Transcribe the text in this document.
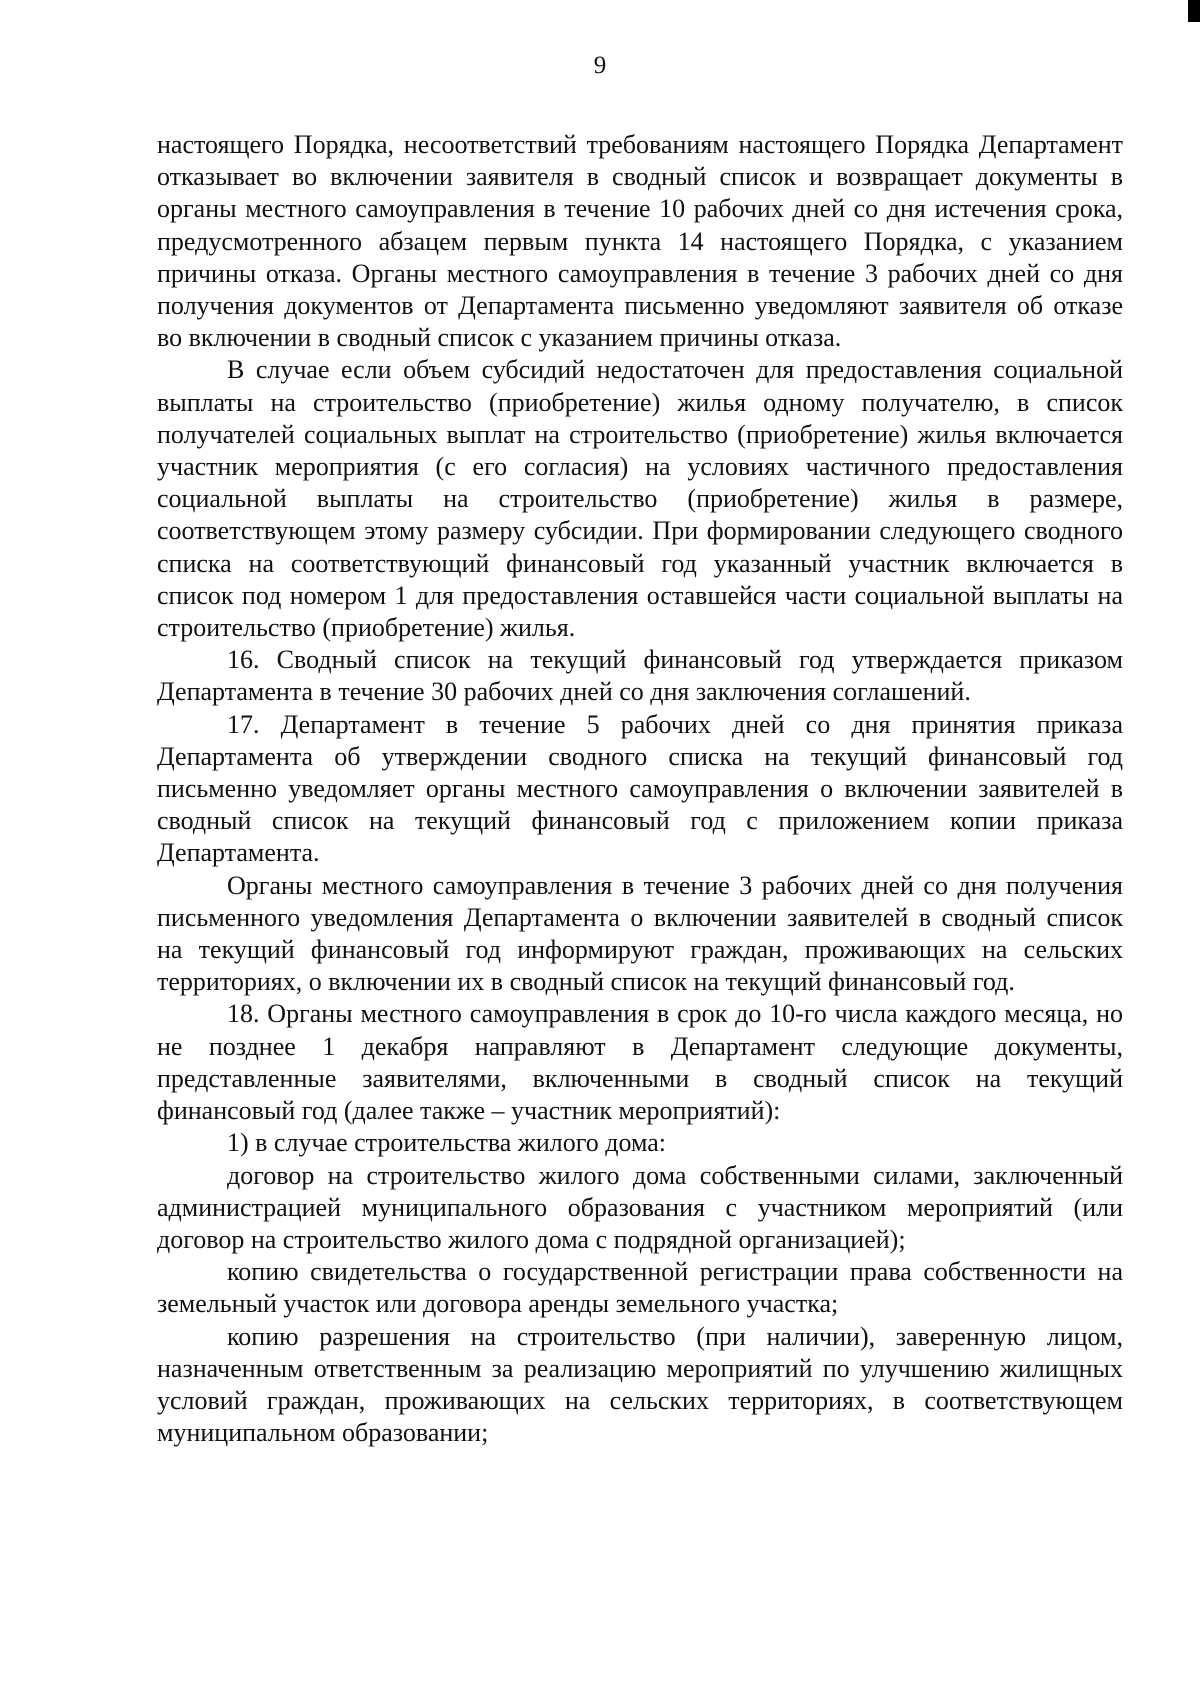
9

настоящего Порядка, несоответствий требованиям настоящего Порядка Департамент отказывает во включении заявителя в сводный список и возвращает документы в органы местного самоуправления в течение 10 рабочих дней со дня истечения срока, предусмотренного абзацем первым пункта 14 настоящего Порядка, с указанием причины отказа. Органы местного самоуправления в течение 3 рабочих дней со дня получения документов от Департамента письменно уведомляют заявителя об отказе во включении в сводный список с указанием причины отказа.

В случае если объем субсидий недостаточен для предоставления социальной выплаты на строительство (приобретение) жилья одному получателю, в список получателей социальных выплат на строительство (приобретение) жилья включается участник мероприятия (с его согласия) на условиях частичного предоставления социальной выплаты на строительство (приобретение) жилья в размере, соответствующем этому размеру субсидии. При формировании следующего сводного списка на соответствующий финансовый год указанный участник включается в список под номером 1 для предоставления оставшейся части социальной выплаты на строительство (приобретение) жилья.

16. Сводный список на текущий финансовый год утверждается приказом Департамента в течение 30 рабочих дней со дня заключения соглашений.

17. Департамент в течение 5 рабочих дней со дня принятия приказа Департамента об утверждении сводного списка на текущий финансовый год письменно уведомляет органы местного самоуправления о включении заявителей в сводный список на текущий финансовый год с приложением копии приказа Департамента.

Органы местного самоуправления в течение 3 рабочих дней со дня получения письменного уведомления Департамента о включении заявителей в сводный список на текущий финансовый год информируют граждан, проживающих на сельских территориях, о включении их в сводный список на текущий финансовый год.

18. Органы местного самоуправления в срок до 10-го числа каждого месяца, но не позднее 1 декабря направляют в Департамент следующие документы, представленные заявителями, включенными в сводный список на текущий финансовый год (далее также – участник мероприятий):

1) в случае строительства жилого дома:

договор на строительство жилого дома собственными силами, заключенный администрацией муниципального образования с участником мероприятий (или договор на строительство жилого дома с подрядной организацией);

копию свидетельства о государственной регистрации права собственности на земельный участок или договора аренды земельного участка;

копию разрешения на строительство (при наличии), заверенную лицом, назначенным ответственным за реализацию мероприятий по улучшению жилищных условий граждан, проживающих на сельских территориях, в соответствующем муниципальном образовании;
